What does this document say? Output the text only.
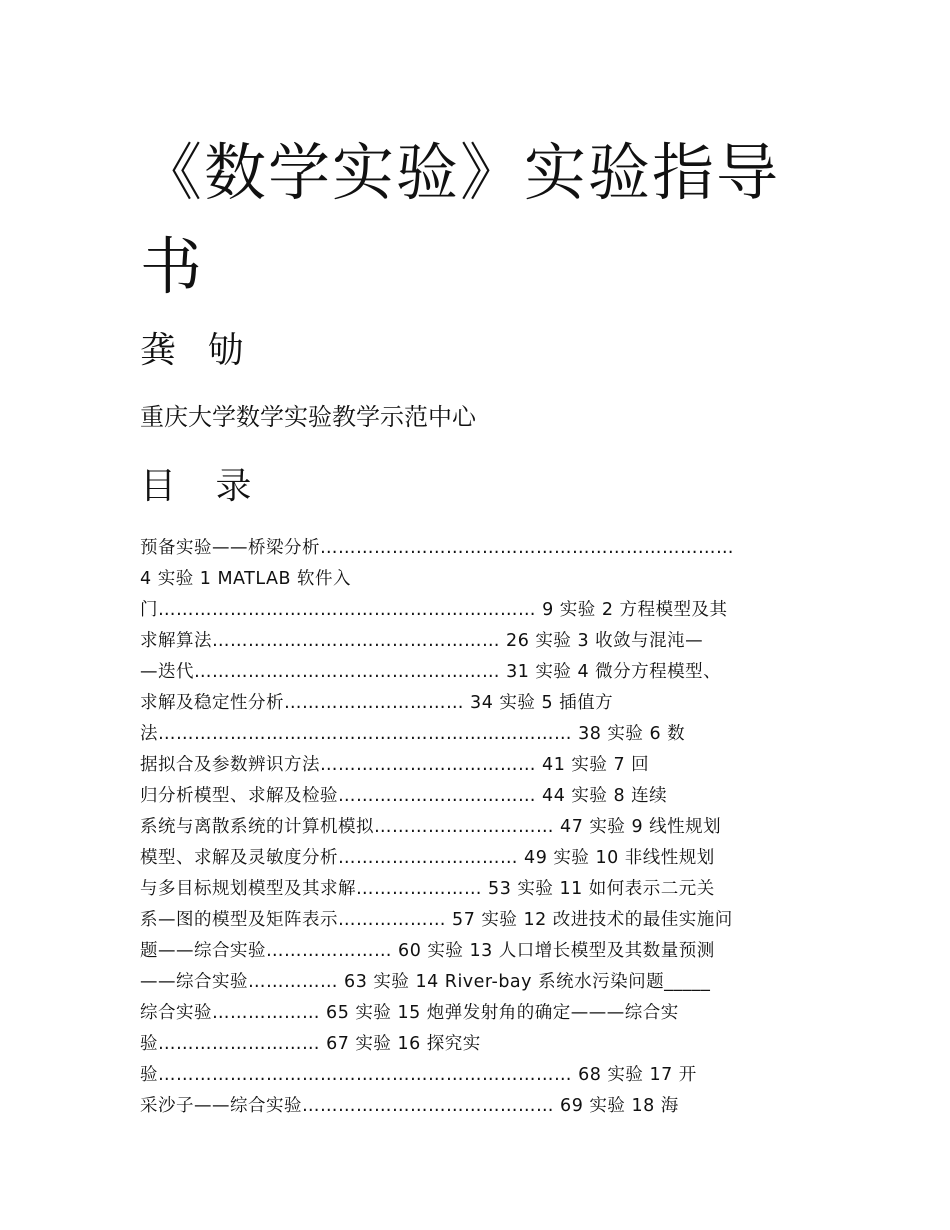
《数学实验》实验指导书
龚 劬
重庆大学数学实验教学示范中心
目 录
预备实验——桥梁分析……………………………………………………………
4 实验 1 MATLAB 软件入
门……………………………………………………… 9 实验 2 方程模型及其
求解算法………………………………………… 26 实验 3 收敛与混沌—
—迭代…………………………………………… 31 实验 4 微分方程模型、
求解及稳定性分析………………………… 34 实验 5 插值方
法…………………………………………………………… 38 实验 6 数
据拟合及参数辨识方法……………………………… 41 实验 7 回
归分析模型、求解及检验…………………………… 44 实验 8 连续
系统与离散系统的计算机模拟………………………… 47 实验 9 线性规划
模型、求解及灵敏度分析………………………… 49 实验 10 非线性规划
与多目标规划模型及其求解………………… 53 实验 11 如何表示二元关
系—图的模型及矩阵表示……………… 57 实验 12 改进技术的最佳实施问
题——综合实验………………… 60 实验 13 人口增长模型及其数量预测
——综合实验…………… 63 实验 14 River-bay 系统水污染问题_____
综合实验……………… 65 实验 15 炮弹发射角的确定———综合实
验……………………… 67 实验 16 探究实
验…………………………………………………………… 68 实验 17 开
采沙子——综合实验…………………………………… 69 实验 18 海
